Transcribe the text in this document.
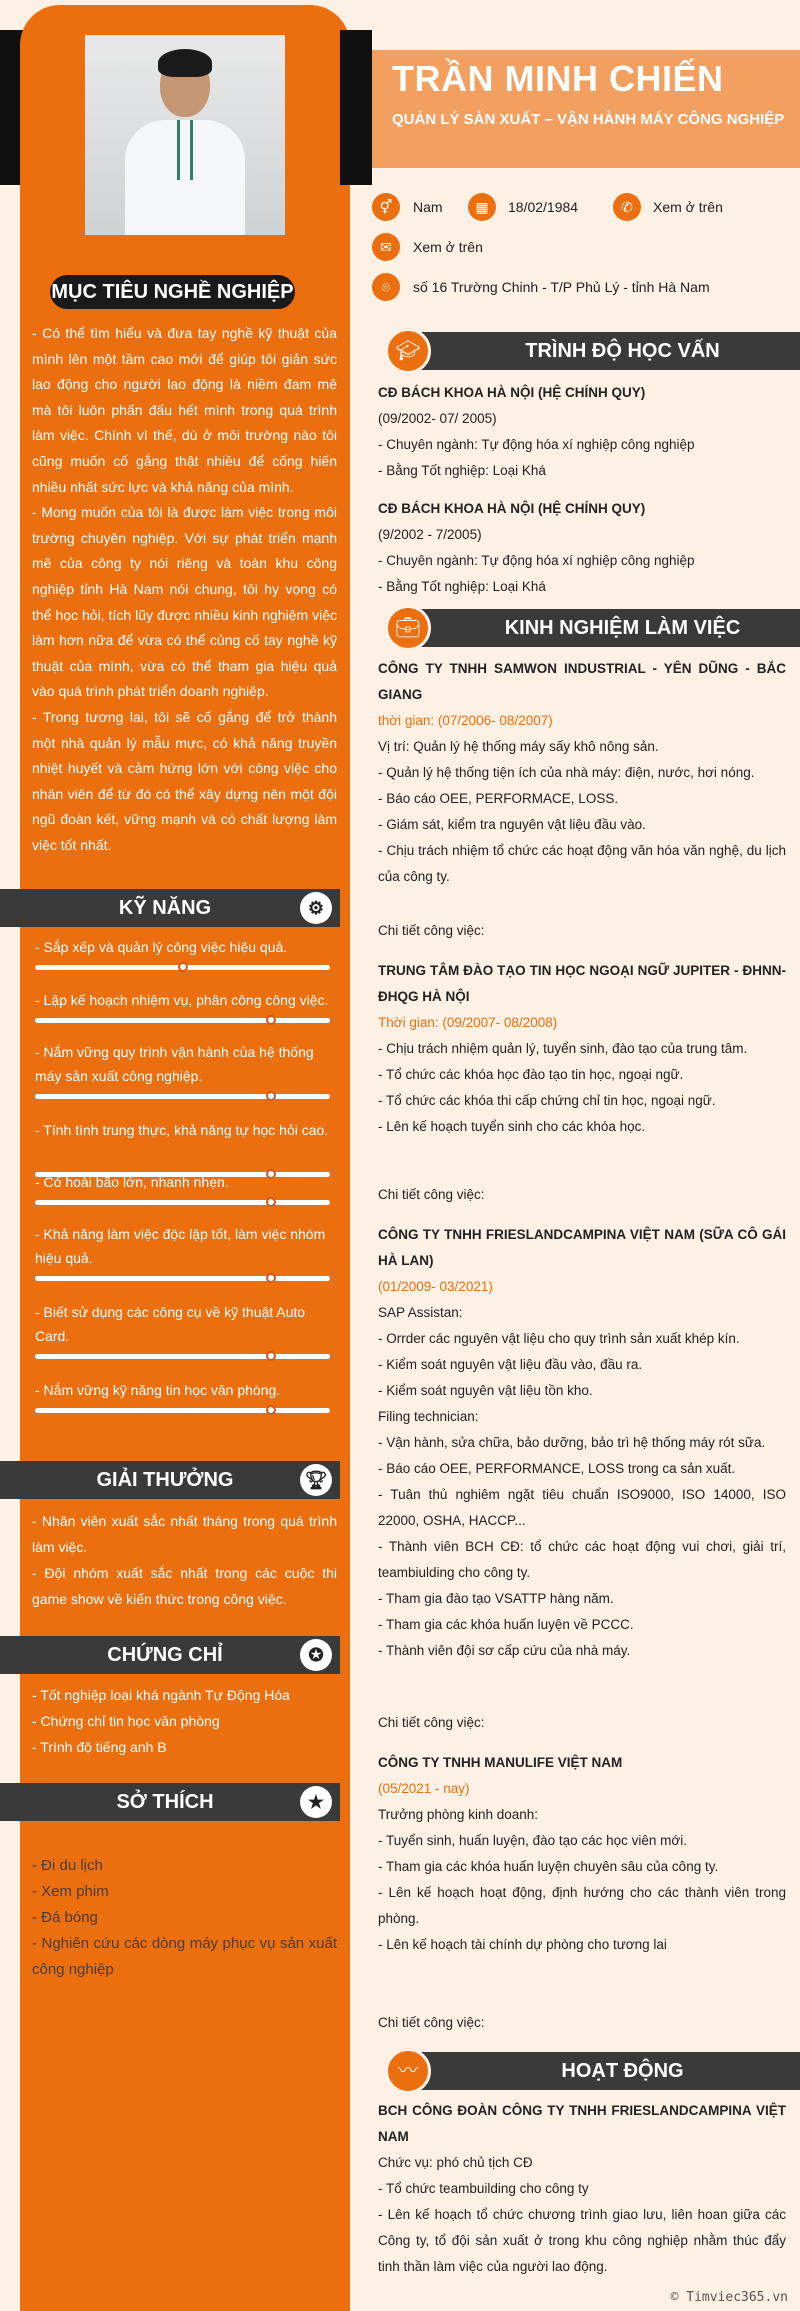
TRẦN MINH CHIẾN
QUẢN LÝ SẢN XUẤT – VẬN HÀNH MÁY CÔNG NGHIỆP
⚥	Nam	▦	18/02/1984	✆	Xem ở trên
✉	Xem ở trên
⌾	số 16 Trường Chinh - T/P Phủ Lý - tỉnh Hà Nam
MỤC TIÊU NGHỀ NGHIỆP

- Có thể tìm hiểu và đưa tay nghề kỹ thuật của mình lên một tầm cao mới để giúp tôi giản sức lao động cho người lao động là niềm đam mê mà tôi luôn phấn đấu hết mình trong quá trình làm việc. Chính vì thế, dù ở môi trường nào tôi cũng muốn cố gắng thật nhiều để cống hiến nhiều nhất sức lực và khả năng của mình.

- Mong muốn của tôi là được làm việc trong môi trường chuyên nghiệp. Với sự phát triển mạnh mẽ của công ty nói riêng và toàn khu công nghiệp tỉnh Hà Nam nói chung, tôi hy vọng có thể học hỏi, tích lũy được nhiều kinh nghiệm việc làm hơn nữa để vừa có thể củng cố tay nghề kỹ thuật của mình, vừa có thể tham gia hiệu quả vào quá trình phát triển doanh nghiệp.

- Trong tương lai, tôi sẽ cố gắng để trở thành một nhà quản lý mẫu mực, có khả năng truyền nhiệt huyết và cảm hứng lớn với công việc cho nhân viên để từ đó có thể xây dựng nên một đội ngũ đoàn kết, vững mạnh và có chất lượng làm việc tốt nhất.

KỸ NĂNG	⚙
- Sắp xếp và quản lý công việc hiệu quả.
- Lập kế hoạch nhiệm vụ, phân công công việc.
- Nắm vững quy trình vận hành của hệ thống máy sản xuất công nghiệp.
- Tính tình trung thực, khả năng tự học hỏi cao.
- Có hoài bão lớn, nhanh nhẹn.
- Khả năng làm việc độc lập tốt, làm việc nhóm hiệu quả.
- Biết sử dụng các công cụ về kỹ thuật Auto Card.
- Nắm vững kỹ năng tin học văn phòng.
GIẢI THƯỞNG	🏆︎
- Nhân viên xuất sắc nhất tháng trong quá trình làm việc.
- Đội nhóm xuất sắc nhất trong các cuộc thi game show về kiến thức trong công việc.
CHỨNG CHỈ	✪
- Tốt nghiệp loại khá ngành Tự Động Hóa
- Chứng chỉ tin học văn phòng
- Trình độ tiếng anh B
SỞ THÍCH	★
- Đi du lịch
- Xem phim
- Đá bóng
- Nghiên cứu các dòng máy phục vụ sản xuất công nghiệp
🎓︎	TRÌNH ĐỘ HỌC VẤN
CĐ BÁCH KHOA HÀ NỘI (HỆ CHÍNH QUY)
(09/2002- 07/ 2005)
- Chuyên ngành: Tự động hóa xí nghiệp công nghiệp
- Bằng Tốt nghiệp: Loại Khá
CĐ BÁCH KHOA HÀ NỘI (HỆ CHÍNH QUY)
(9/2002 - 7/2005)
- Chuyên ngành: Tự động hóa xí nghiệp công nghiệp
- Bằng Tốt nghiệp: Loại Khá
💼︎	KINH NGHIỆM LÀM VIỆC
CÔNG TY TNHH SAMWON INDUSTRIAL - YÊN DŨNG - BẮC GIANG
thời gian: (07/2006- 08/2007)
Vị trí: Quản lý hệ thống máy sấy khô nông sản.
- Quản lý hệ thống tiện ích của nhà máy: điện, nước, hơi nóng.
- Báo cáo OEE, PERFORMACE, LOSS.
- Giám sát, kiểm tra nguyên vật liệu đầu vào.
- Chịu trách nhiệm tổ chức các hoạt động văn hóa văn nghệ, du lịch của công ty.
Chi tiết công việc:
TRUNG TÂM ĐÀO TẠO TIN HỌC NGOẠI NGỮ JUPITER - ĐHNN-ĐHQG HÀ NỘI
Thời gian: (09/2007- 08/2008)
- Chịu trách nhiệm quản lý, tuyển sinh, đào tạo của trung tâm.
- Tổ chức các khóa học đào tạo tin học, ngoại ngữ.
- Tổ chức các khóa thi cấp chứng chỉ tin học, ngoại ngữ.
- Lên kế hoạch tuyển sinh cho các khóa học.
Chi tiết công việc:
CÔNG TY TNHH FRIESLANDCAMPINA VIỆT NAM (SỮA CÔ GÁI HÀ LAN)
(01/2009- 03/2021)
SAP Assistan:
- Orrder các nguyên vật liệu cho quy trình sản xuất khép kín.
- Kiểm soát nguyên vật liệu đầu vào, đầu ra.
- Kiểm soát nguyên vật liệu tồn kho.
Filing technician:
- Vận hành, sửa chữa, bảo dưỡng, bảo trì hệ thống máy rót sữa.
- Báo cáo OEE, PERFORMANCE, LOSS trong ca sản xuất.
- Tuân thủ nghiêm ngặt tiêu chuẩn ISO9000, ISO 14000, ISO 22000, OSHA, HACCP...
- Thành viên BCH CĐ: tổ chức các hoạt động vui chơi, giải trí, teambiulding cho công ty.
- Tham gia đào tạo VSATTP hàng năm.
- Tham gia các khóa huấn luyện về PCCC.
- Thành viên đội sơ cấp cứu của nhà máy.
Chi tiết công việc:
CÔNG TY TNHH MANULIFE VIỆT NAM
(05/2021 - nay)
Trưởng phòng kinh doanh:
- Tuyển sinh, huấn luyện, đào tạo các học viên mới.
- Tham gia các khóa huấn luyện chuyên sâu của công ty.
- Lên kế hoạch hoạt động, định hướng cho các thành viên trong phòng.
- Lên kế hoạch tài chính dự phòng cho tương lai
Chi tiết công việc:
〰	HOẠT ĐỘNG
BCH CÔNG ĐOÀN CÔNG TY TNHH FRIESLANDCAMPINA VIỆT NAM
Chức vụ: phó chủ tịch CĐ
- Tổ chức teambuilding cho công ty
- Lên kế hoạch tổ chức chương trình giao lưu, liên hoan giữa các Công ty, tổ đội sản xuất ở trong khu công nghiệp nhằm thúc đẩy tinh thần làm việc của người lao động.
© Timviec365.vn
